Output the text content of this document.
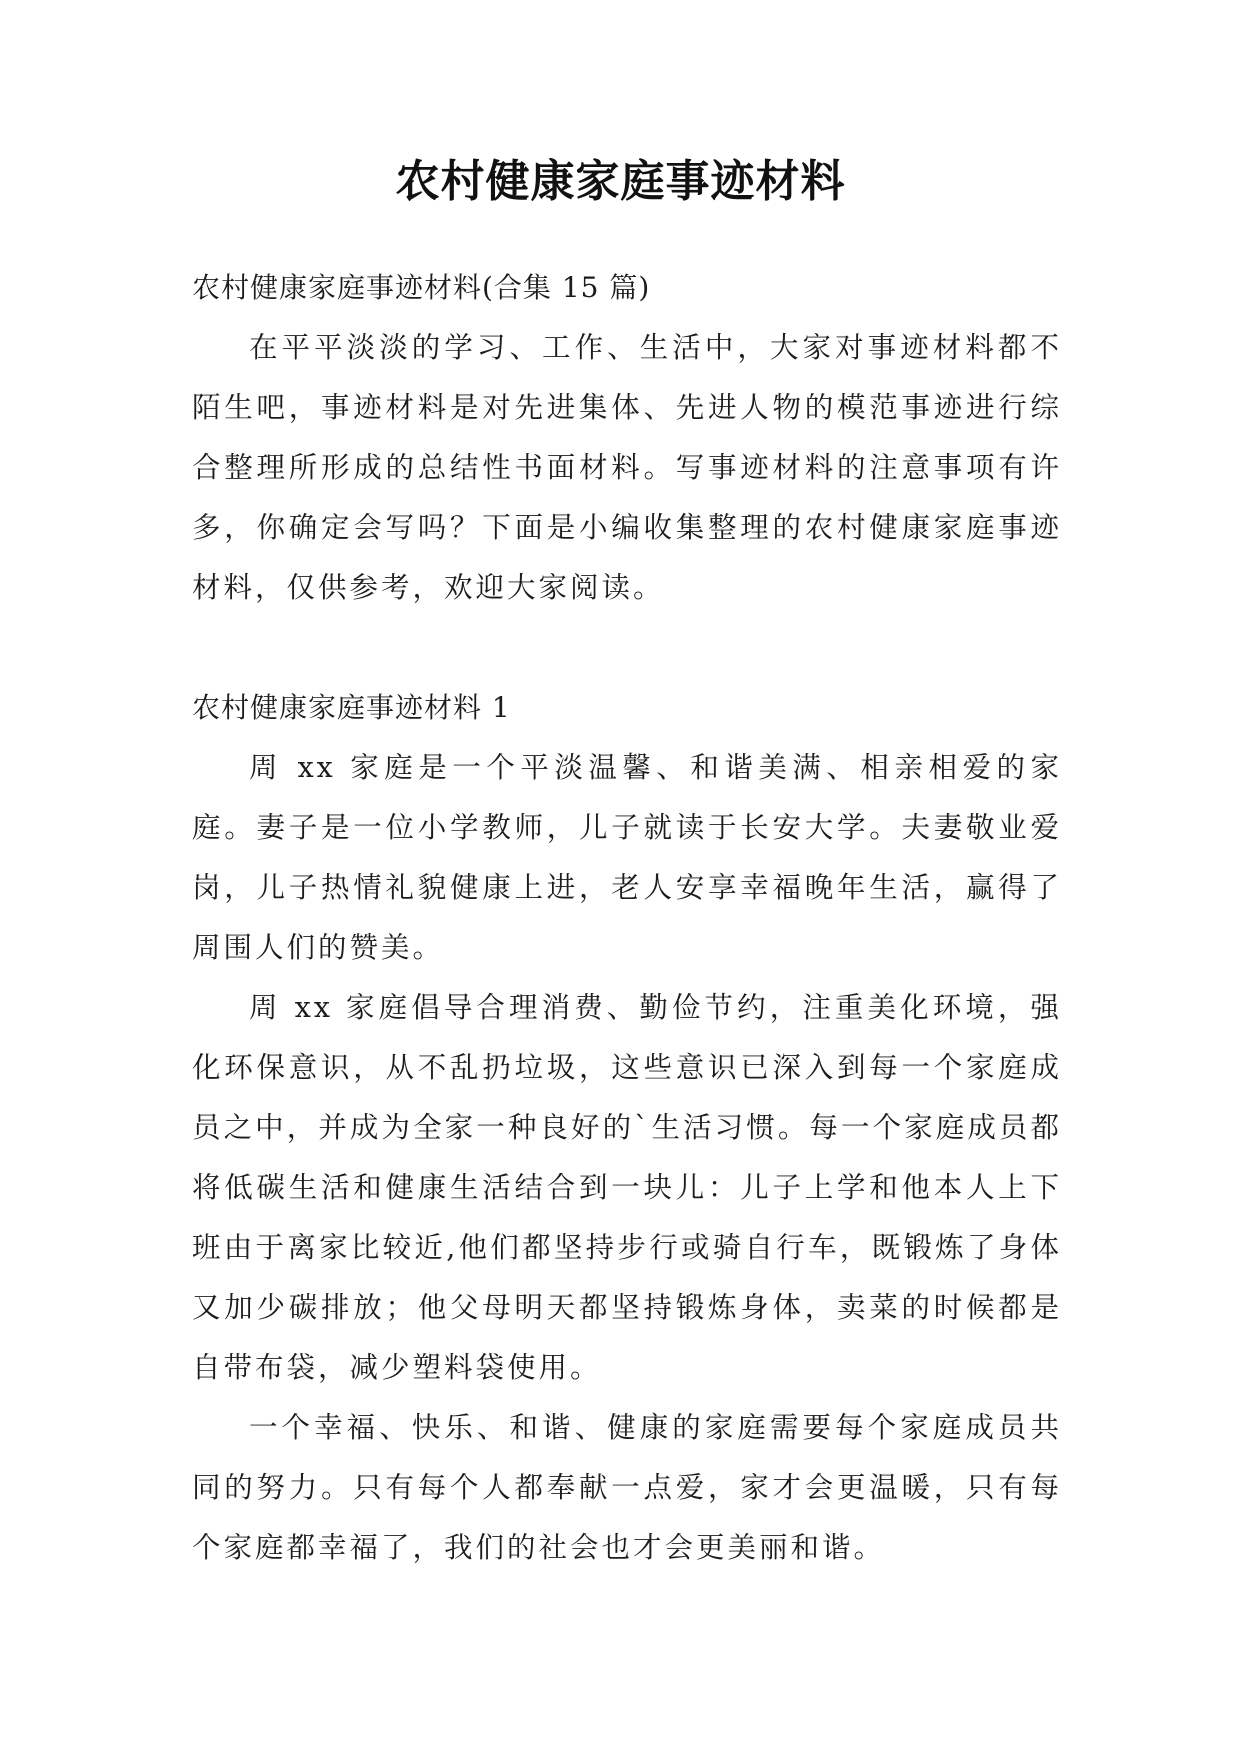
农村健康家庭事迹材料

农村健康家庭事迹材料(合集 15 篇)

在平平淡淡的学习、工作、生活中，大家对事迹材料都不陌生吧，事迹材料是对先进集体、先进人物的模范事迹进行综合整理所形成的总结性书面材料。写事迹材料的注意事项有许多，你确定会写吗？下面是小编收集整理的农村健康家庭事迹材料，仅供参考，欢迎大家阅读。

农村健康家庭事迹材料 1

周 xx 家庭是一个平淡温馨、和谐美满、相亲相爱的家庭。妻子是一位小学教师，儿子就读于长安大学。夫妻敬业爱岗，儿子热情礼貌健康上进，老人安享幸福晚年生活，赢得了周围人们的赞美。

周 xx 家庭倡导合理消费、勤俭节约，注重美化环境，强化环保意识，从不乱扔垃圾，这些意识已深入到每一个家庭成员之中，并成为全家一种良好的`生活习惯。每一个家庭成员都将低碳生活和健康生活结合到一块儿：儿子上学和他本人上下班由于离家比较近,他们都坚持步行或骑自行车，既锻炼了身体又加少碳排放；他父母明天都坚持锻炼身体，卖菜的时候都是自带布袋，减少塑料袋使用。

一个幸福、快乐、和谐、健康的家庭需要每个家庭成员共同的努力。只有每个人都奉献一点爱，家才会更温暖，只有每个家庭都幸福了，我们的社会也才会更美丽和谐。
